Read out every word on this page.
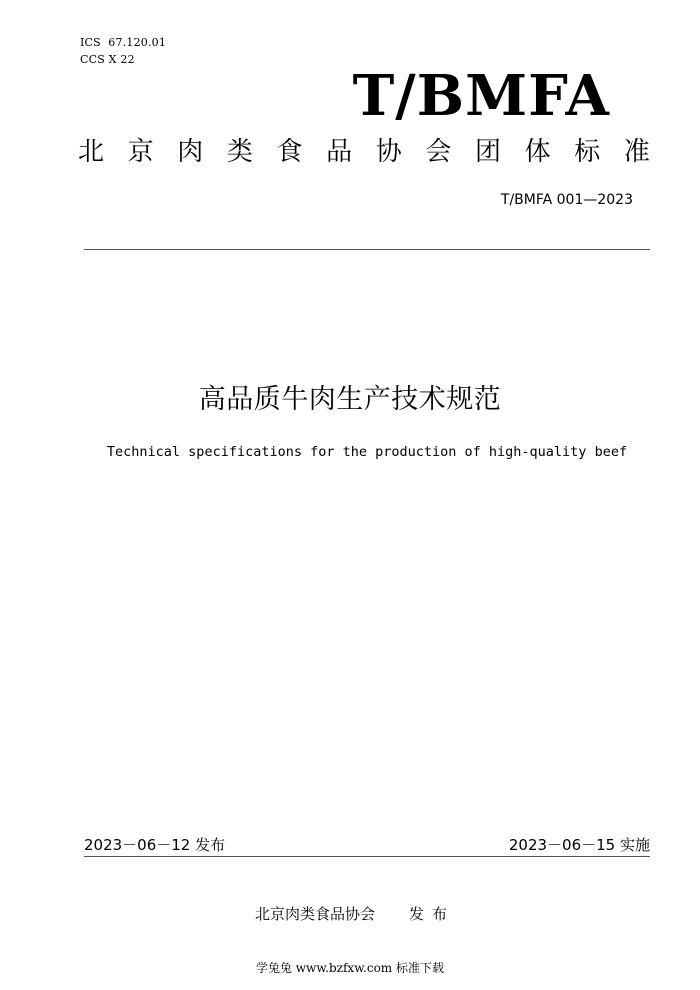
ICS  67.120.01
CCS X 22
T/BMFA
北 京 肉 类 食 品 协 会 团 体 标 准
T/BMFA 001—2023
高品质牛肉生产技术规范
Technical specifications for the production of high-quality beef
2023－06－12 发布	2023－06－15 实施
北京肉类食品协会 发布
学兔兔 www.bzfxw.com 标准下载
